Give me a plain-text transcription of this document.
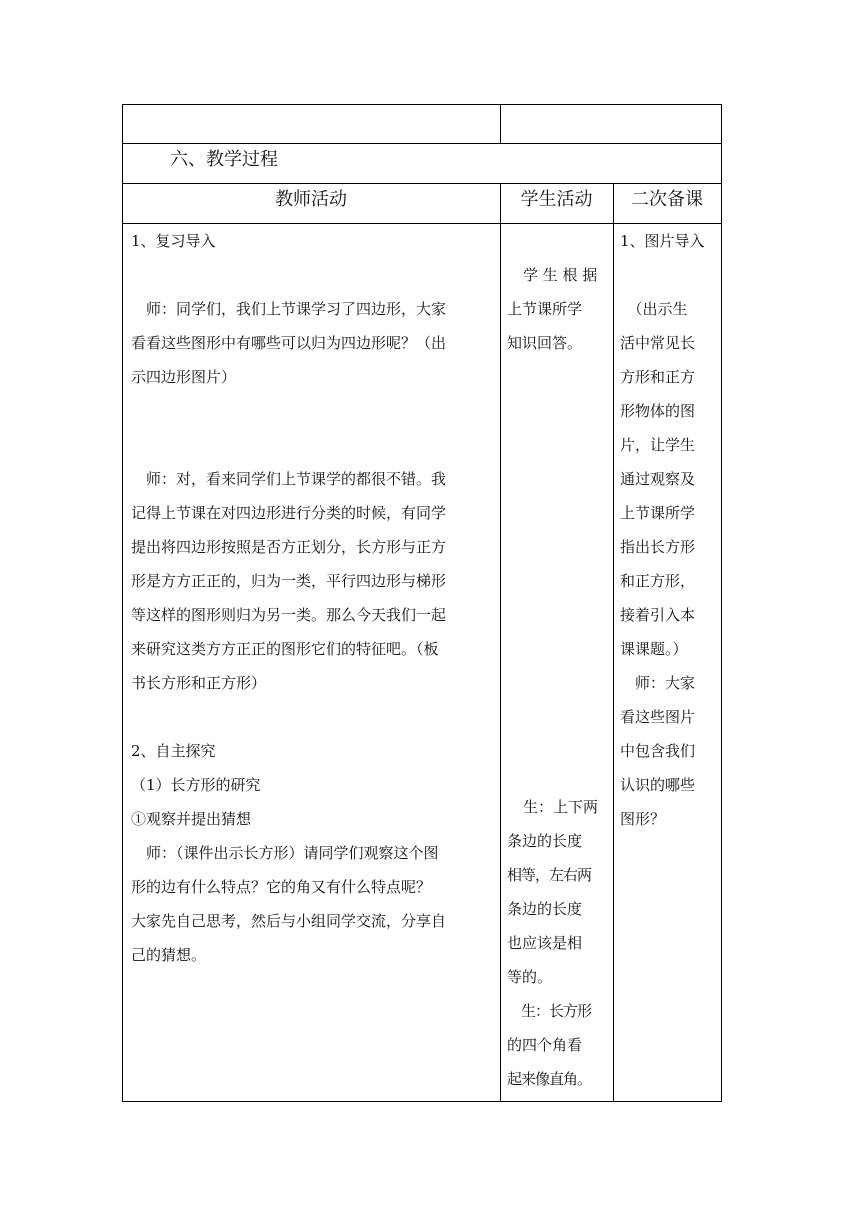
六、教学过程
教师活动	学生活动	二次备课
1、复习导入
　师：同学们，我们上节课学习了四边形，大家
看看这些图形中有哪些可以归为四边形呢？（出
示四边形图片）
　师：对，看来同学们上节课学的都很不错。我
记得上节课在对四边形进行分类的时候，有同学
提出将四边形按照是否方正划分，长方形与正方
形是方方正正的，归为一类，平行四边形与梯形
等这样的图形则归为另一类。那么今天我们一起
来研究这类方方正正的图形它们的特征吧。（板
书长方形和正方形）
2、自主探究
（1）长方形的研究
①观察并提出猜想
　师：（课件出示长方形）请同学们观察这个图
形的边有什么特点？它的角又有什么特点呢？
大家先自己思考，然后与小组同学交流，分享自
己的猜想。
学 生 根 据
上节课所学
知识回答。
生：上下两
条边的长度
相等，左右两
条边的长度
也应该是相
等的。
　生：长方形
的四个角看
起来像直角。
1、图片导入
　（出示生
活中常见长
方形和正方
形物体的图
片，让学生
通过观察及
上节课所学
指出长方形
和正方形，
接着引入本
课课题。）
　师：大家
看这些图片
中包含我们
认识的哪些
图形？
